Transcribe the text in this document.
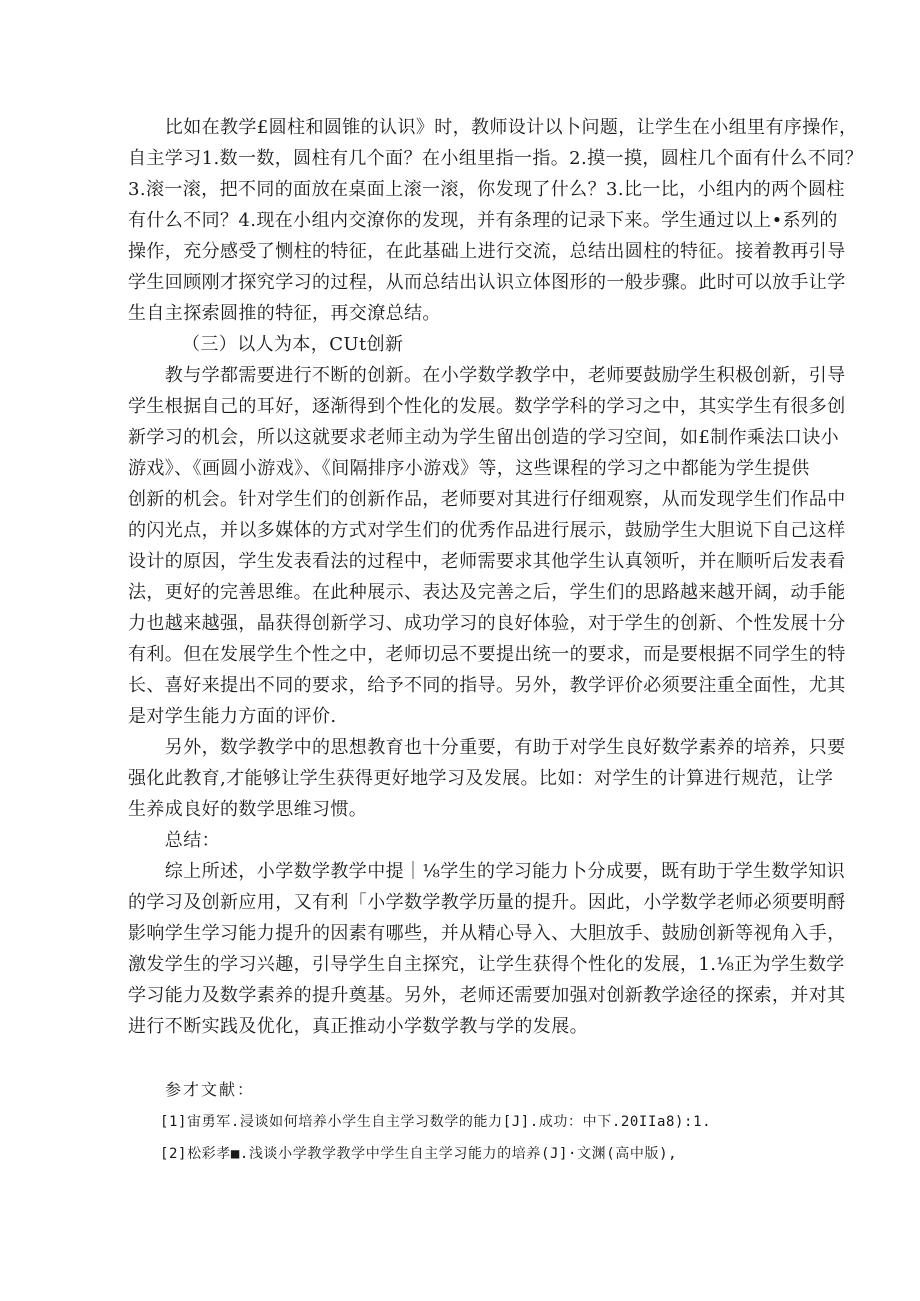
　　比如在教学£圆柱和圆锥的认识》时，教师设计以卜问题，让学生在小组里有序操作，
自主学习1.数一数，圆柱有几个面？在小组里指一指。2.摸一摸，圆柱几个面有什么不同？
3.滚一滚，把不同的面放在桌面上滚一滚，你发现了什么？3.比一比，小组内的两个圆柱
有什么不同？4.现在小组内交潦你的发现，并有条理的记录下来。学生通过以上•系列的
操作，充分感受了恻柱的特征，在此基础上进行交流，总结出圆柱的特征。接着教再引导
学生回顾刚才探究学习的过程，从而总结出认识立体图形的一般步骤。此时可以放手让学
生自主探索圆推的特征，再交潦总结。
（三）以人为本，CUt创新
　　教与学都需要进行不断的创新。在小学数学教学中，老师要鼓励学生积极创新，引导
学生根据自己的耳好，逐渐得到个性化的发展。数学学科的学习之中，其实学生有很多创
新学习的机会，所以这就要求老师主动为学生留出创造的学习空间，如£制作乘法口诀小
游戏》、《画圆小游戏》、《间隔排序小游戏》等，这些课程的学习之中都能为学生提供
创新的机会。针对学生们的创新作品，老师要对其进行仔细观察，从而发现学生们作品中
的闪光点，并以多媒体的方式对学生们的优秀作品进行展示，鼓励学生大胆说下自己这样
设计的原因，学生发表看法的过程中，老师需要求其他学生认真领听，并在顺听后发表看
法，更好的完善思维。在此种展示、表达及完善之后，学生们的思路越来越开阔，动手能
力也越来越强，晶获得创新学习、成功学习的良好体验，对于学生的创新、个性发展十分
有利。但在发展学生个性之中，老师切忌不要提出统一的要求，而是要根据不同学生的特
长、喜好来提出不同的要求，给予不同的指导。另外，教学评价必须要注重全面性，尤其
是对学生能力方面的评价.
　　另外，数学教学中的思想教育也十分重要，有助于对学生良好数学素养的培养，只要
强化此教育,才能够让学生获得更好地学习及发展。比如：对学生的计算进行规范，让学
生养成良好的数学思维习惯。
　　总结：
　　综上所述，小学数学教学中提｜⅛学生的学习能力卜分成要，既有助于学生数学知识
的学习及创新应用，又有利「小学数学教学历量的提升。因此，小学数学老师必须要明酹
影响学生学习能力提升的因素有哪些，并从精心导入、大胆放手、鼓励创新等视角入手，
激发学生的学习兴趣，引导学生自主探究，让学生获得个性化的发展，1.⅛正为学生数学
学习能力及数学素养的提升奠基。另外，老师还需要加强对创新教学途径的探索，并对其
进行不断实践及优化，真正推动小学数学教与学的发展。
参才文献：
[1]宙勇军.浸谈如何培养小学生自主学习数学的能力[J].成功：中下.20IIa8):1.
[2]松彩孝■.浅谈小学教学教学中学生自主学习能力的培养(J]·文渊(高中版),
